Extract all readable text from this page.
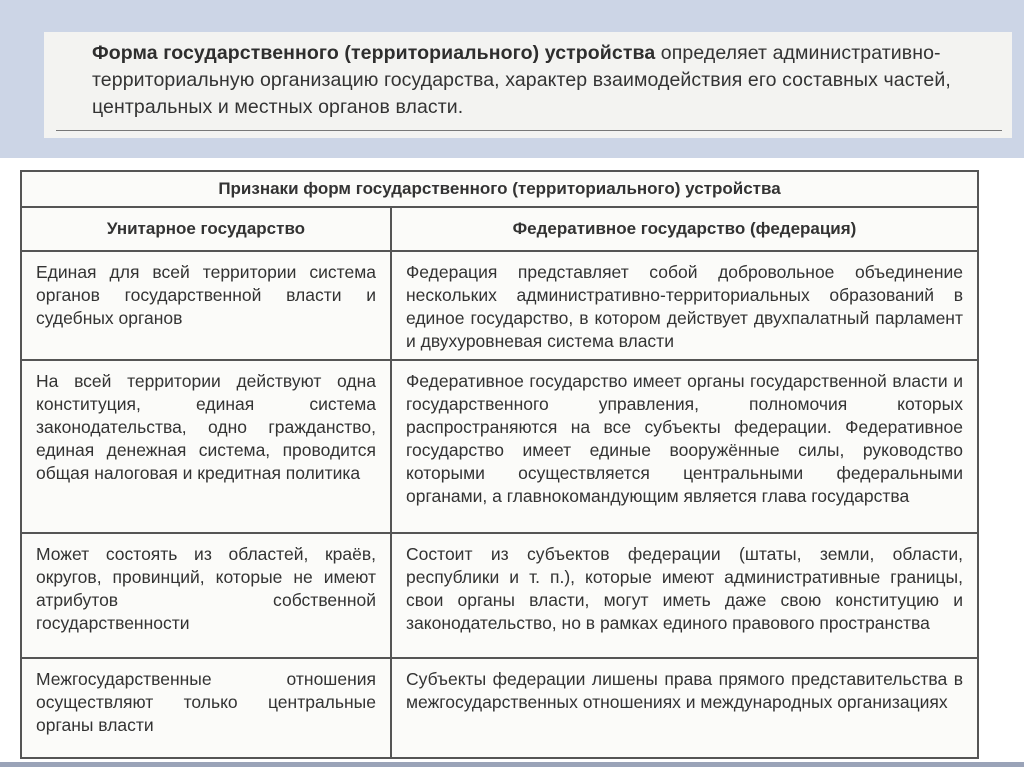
Форма государственного (территориального) устройства определяет административно-территориальную организацию государства, характер взаимодействия его составных частей, центральных и местных органов власти.
Признаки форм государственного (территориального) устройства	
Унитарное государство	Федеративное государство (федерация)
Единая для всей территории система органов государственной власти и судебных органов	Федерация представляет собой добровольное объединение нескольких административно-территориальных образований в единое государство, в котором действует двухпалатный парламент и двухуровневая система власти
На всей территории действуют одна конституция, единая система законодательства, одно гражданство, единая денежная система, проводится общая налоговая и кредитная политика	Федеративное государство имеет органы государственной власти и государственного управления, полномочия которых распространяются на все субъекты федерации. Федеративное государство имеет единые вооружённые силы, руководство которыми осуществляется центральными федеральными органами, а главнокомандующим является глава государства
Может состоять из областей, краёв, округов, провинций, которые не имеют атрибутов собственной государственности	Состоит из субъектов федерации (штаты, земли, области, республики и т. п.), которые имеют административные границы, свои органы власти, могут иметь даже свою конституцию и законодательство, но в рамках единого правового пространства
Межгосударственные отношения осуществляют только центральные органы власти	Субъекты федерации лишены права прямого представительства в межгосударственных отношениях и международных организациях
